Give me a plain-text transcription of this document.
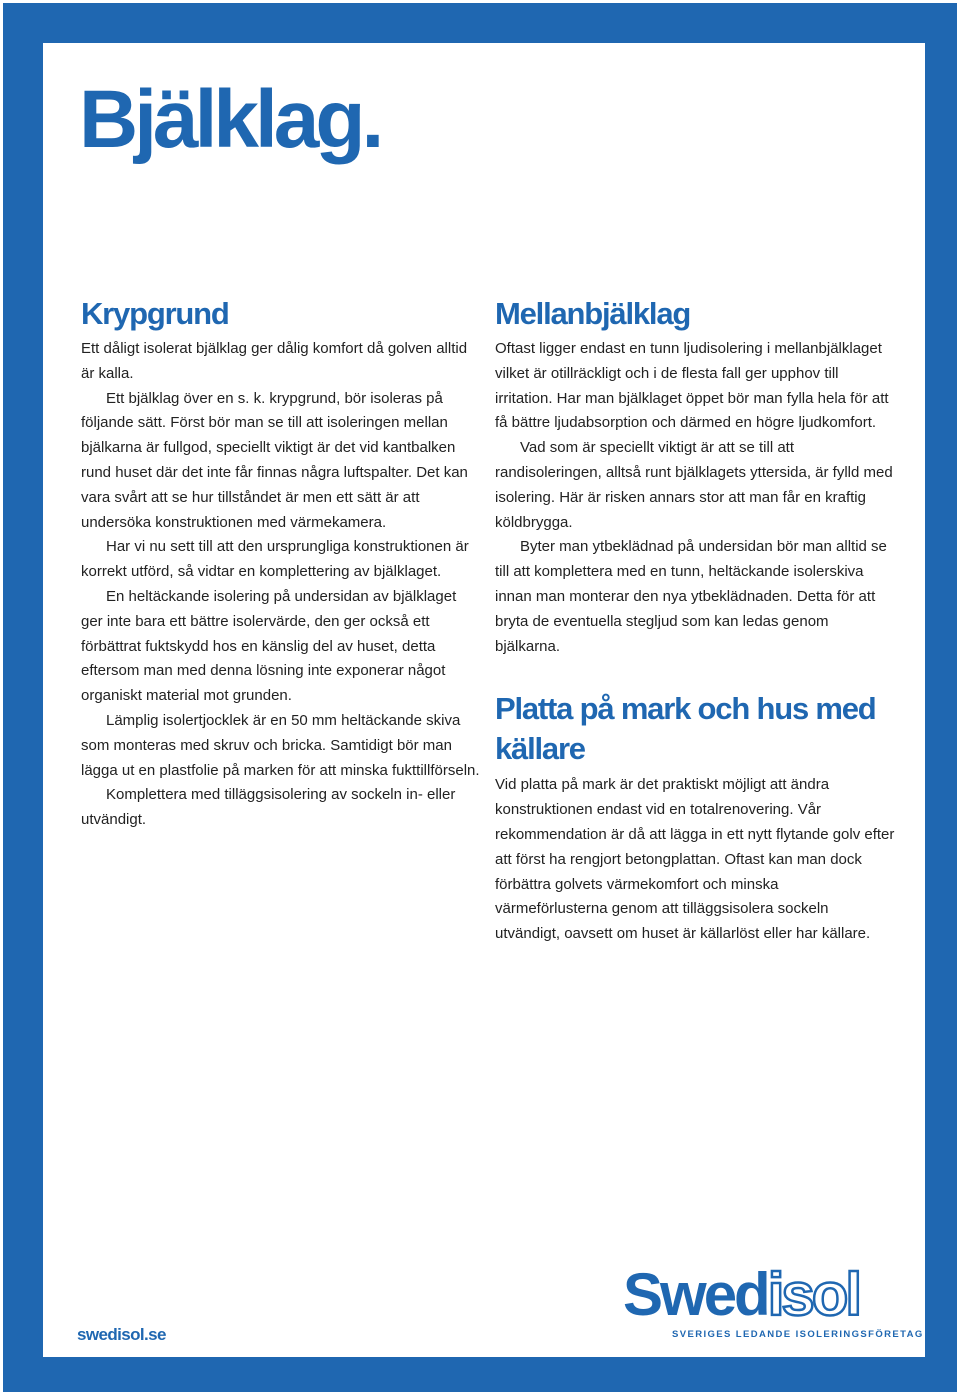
Bjälklag.
Krypgrund

Ett dåligt isolerat bjälklag ger dålig komfort då golven alltid är kalla.

Ett bjälklag över en s. k. krypgrund, bör isoleras på följande sätt. Först bör man se till att isoleringen mellan bjälkarna är fullgod, speciellt viktigt är det vid kantbalken rund huset där det inte får finnas några luftspalter. Det kan vara svårt att se hur tillståndet är men ett sätt är att undersöka konstruktionen med värmekamera.

Har vi nu sett till att den ursprungliga konstruktionen är korrekt utförd, så vidtar en komplettering av bjälklaget.

En heltäckande isolering på undersidan av bjälklaget ger inte bara ett bättre isolervärde, den ger också ett förbättrat fuktskydd hos en känslig del av huset, detta eftersom man med denna lösning inte exponerar något organiskt material mot grunden.

Lämplig isolertjocklek är en 50 mm heltäckande skiva som monteras med skruv och bricka. Samtidigt bör man lägga ut en plastfolie på marken för att minska fukttillförseln.

Komplettera med tilläggsisolering av sockeln in- eller utvändigt.

Mellanbjälklag

Oftast ligger endast en tunn ljudisolering i mellanbjälklaget vilket är otillräckligt och i de flesta fall ger upphov till irritation. Har man bjälklaget öppet bör man fylla hela för att få bättre ljudabsorption och därmed en högre ljudkomfort.

Vad som är speciellt viktigt är att se till att randisoleringen, alltså runt bjälklagets yttersida, är fylld med isolering. Här är risken annars stor att man får en kraftig köldbrygga.

Byter man ytbeklädnad på undersidan bör man alltid se till att komplettera med en tunn, heltäckande isolerskiva innan man monterar den nya ytbeklädnaden. Detta för att bryta de eventuella stegljud som kan ledas genom bjälkarna.

Platta på mark och hus med källare

Vid platta på mark är det praktiskt möjligt att ändra konstruktionen endast vid en totalrenovering. Vår rekommendation är då att lägga in ett nytt flytande golv efter att först ha rengjort betongplattan. Oftast kan man dock förbättra golvets värmekomfort och minska värmeförlusterna genom att tilläggsisolera sockeln utvändigt, oavsett om huset är källarlöst eller har källare.

swedisol.se
Swedisol
SVERIGES LEDANDE ISOLERINGSFÖRETAG
